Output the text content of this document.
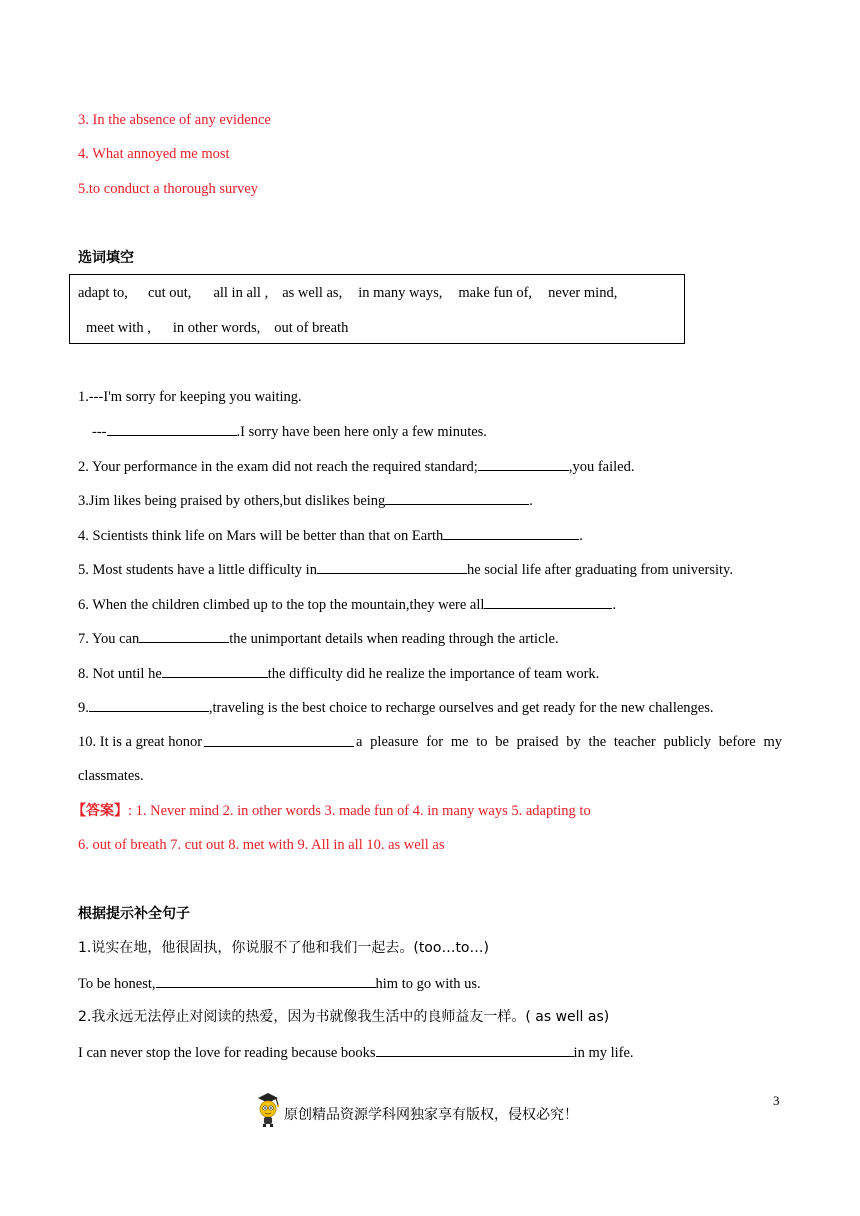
3. In the absence of any evidence
4. What annoyed me most
5.to conduct a thorough survey
选词填空
adapt to, cut out, all in all , as well as, in many ways, make fun of, never mind,
meet with , in other words, out of breath
1.---I'm sorry for keeping you waiting.
---	.I sorry have been here only a few minutes.
2. Your performance in the exam did not reach the required standard;	,you failed.
3.Jim likes being praised by others,but dislikes being	.
4. Scientists think life on Mars will be better than that on Earth	.
5. Most students have a little difficulty in	he social life after graduating from university.
6. When the children climbed up to the top the mountain,they were all	.
7. You can	the unimportant details when reading through the article.
8. Not until he	the difficulty did he realize the importance of team work.
9.	,traveling is the best choice to recharge ourselves and get ready for the new challenges.
10. It is a great honor	a pleasure for me to be praised by the teacher publicly before my
classmates.
【答案】: 1. Never mind 2. in other words 3. made fun of 4. in many ways 5. adapting to
6. out of breath 7. cut out 8. met with 9. All in all 10. as well as
根据提示补全句子
1.说实在地，他很固执，你说服不了他和我们一起去。(too…to…)
To be honest,	him to go with us.
2.我永远无法停止对阅读的热爱，因为书就像我生活中的良师益友一样。( as well as)
I can never stop the love for reading because books	in my life.
3
原创精品资源学科网独家享有版权，侵权必究！
